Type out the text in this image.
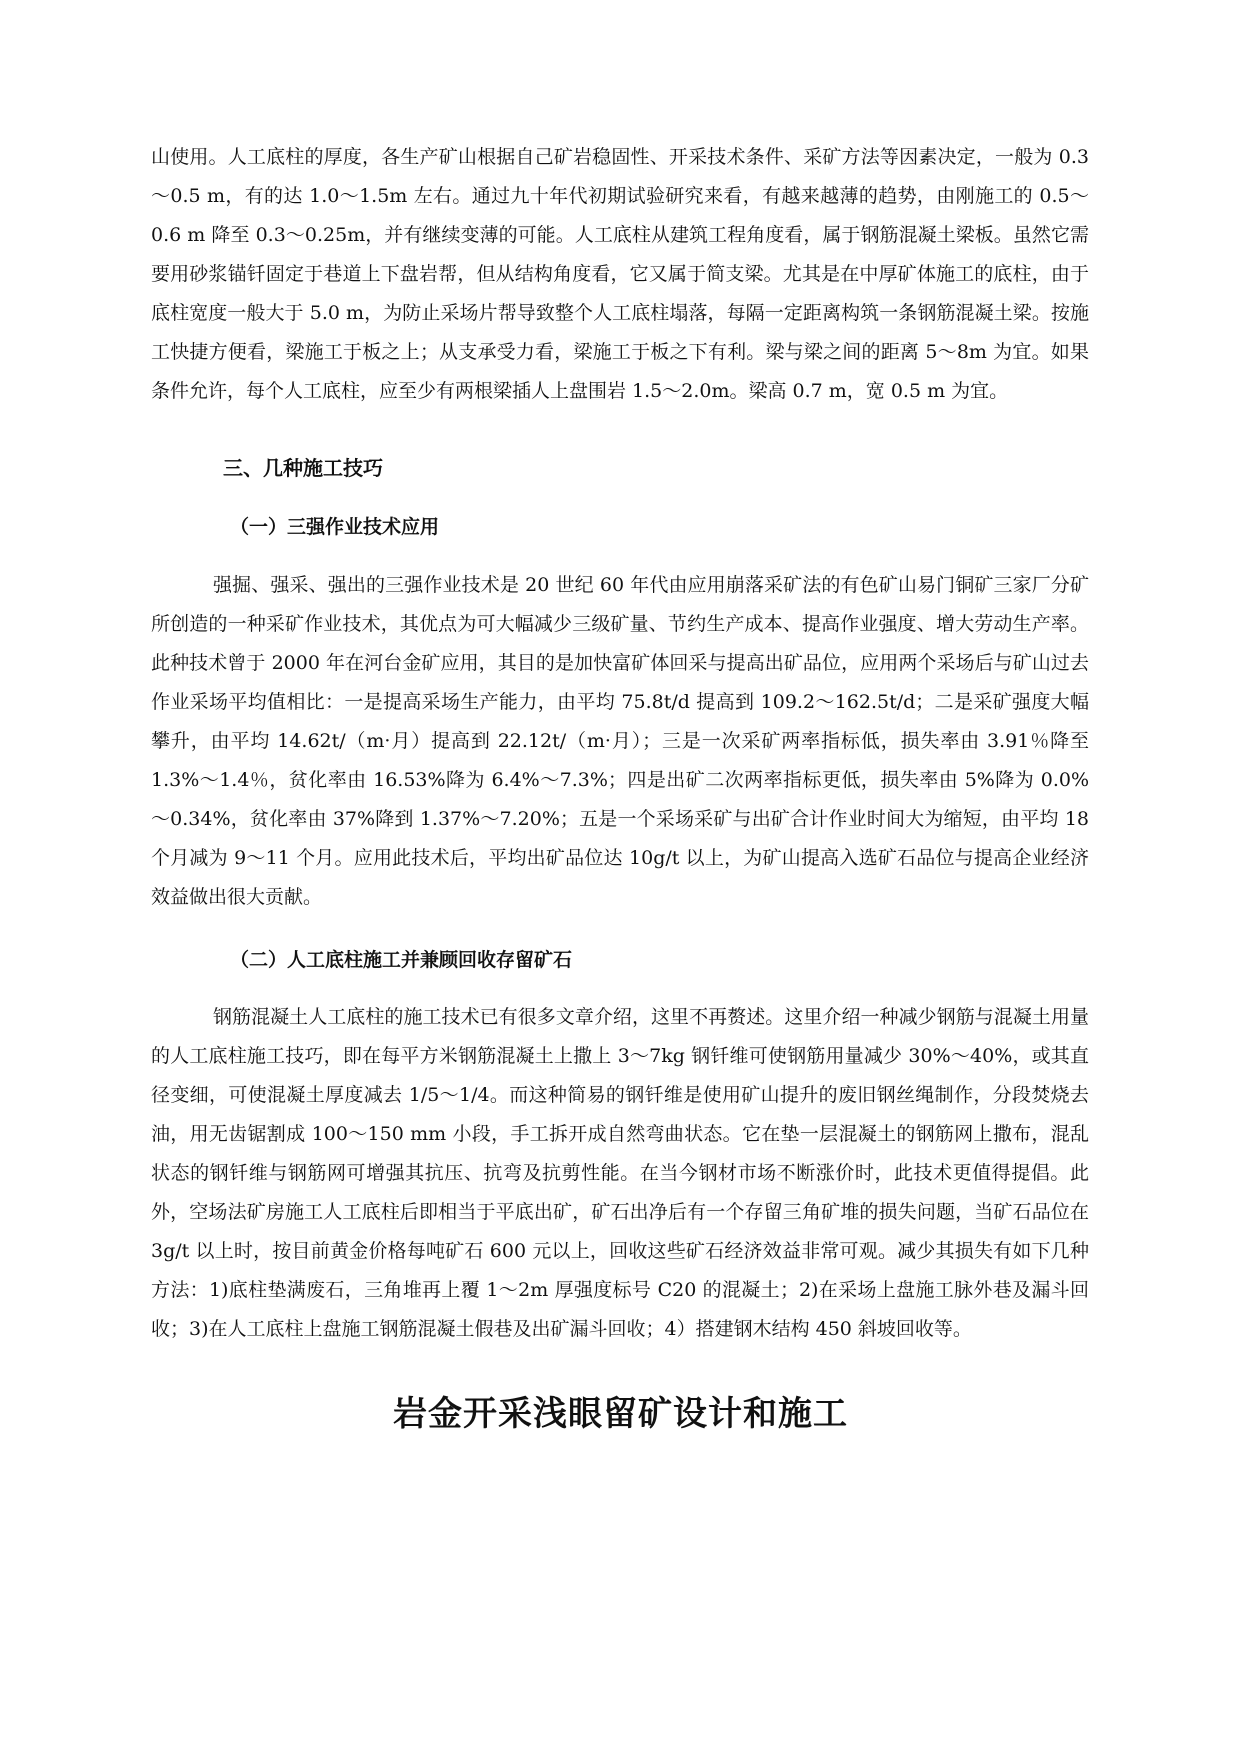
山使用。人工底柱的厚度，各生产矿山根据自己矿岩稳固性、开采技术条件、采矿方法等因素决定，一般为 0.3～0.5 m，有的达 1.0～1.5m 左右。通过九十年代初期试验研究来看，有越来越薄的趋势，由刚施工的 0.5～0.6 m 降至 0.3～0.25m，并有继续变薄的可能。人工底柱从建筑工程角度看，属于钢筋混凝土梁板。虽然它需要用砂浆锚钎固定于巷道上下盘岩帮，但从结构角度看，它又属于简支梁。尤其是在中厚矿体施工的底柱，由于底柱宽度一般大于 5.0 m，为防止采场片帮导致整个人工底柱塌落，每隔一定距离构筑一条钢筋混凝土梁。按施工快捷方便看，梁施工于板之上；从支承受力看，梁施工于板之下有利。梁与梁之间的距离 5～8m 为宜。如果条件允许，每个人工底柱，应至少有两根梁插人上盘围岩 1.5～2.0m。梁高 0.7 m，宽 0.5 m 为宜。

三、几种施工技巧
（一）三强作业技术应用

强掘、强采、强出的三强作业技术是 20 世纪 60 年代由应用崩落采矿法的有色矿山易门铜矿三家厂分矿所创造的一种采矿作业技术，其优点为可大幅减少三级矿量、节约生产成本、提高作业强度、增大劳动生产率。此种技术曾于 2000 年在河台金矿应用，其目的是加快富矿体回采与提高出矿品位，应用两个采场后与矿山过去作业采场平均值相比：一是提高采场生产能力，由平均 75.8t/d 提高到 109.2～162.5t/d；二是采矿强度大幅攀升，由平均 14.62t/（m·月）提高到 22.12t/（m·月）；三是一次采矿两率指标低，损失率由 3.91％降至 1.3%～1.4％，贫化率由 16.53%降为 6.4%～7.3%；四是出矿二次两率指标更低，损失率由 5%降为 0.0%～0.34%，贫化率由 37%降到 1.37%～7.20%；五是一个采场采矿与出矿合计作业时间大为缩短，由平均 18 个月减为 9～11 个月。应用此技术后，平均出矿品位达 10g/t 以上，为矿山提高入选矿石品位与提高企业经济效益做出很大贡献。

（二）人工底柱施工并兼顾回收存留矿石

钢筋混凝土人工底柱的施工技术已有很多文章介绍，这里不再赘述。这里介绍一种减少钢筋与混凝土用量的人工底柱施工技巧，即在每平方米钢筋混凝土上撒上 3～7kg 钢钎维可使钢筋用量减少 30%～40%，或其直径变细，可使混凝土厚度减去 1/5～1/4。而这种简易的钢钎维是使用矿山提升的废旧钢丝绳制作，分段焚烧去油，用无齿锯割成 100～150 mm 小段，手工拆开成自然弯曲状态。它在垫一层混凝土的钢筋网上撒布，混乱状态的钢钎维与钢筋网可增强其抗压、抗弯及抗剪性能。在当今钢材市场不断涨价时，此技术更值得提倡。此外，空场法矿房施工人工底柱后即相当于平底出矿，矿石出净后有一个存留三角矿堆的损失问题，当矿石品位在 3g/t 以上时，按目前黄金价格每吨矿石 600 元以上，回收这些矿石经济效益非常可观。减少其损失有如下几种方法：1)底柱垫满废石，三角堆再上覆 1～2m 厚强度标号 C20 的混凝土；2)在采场上盘施工脉外巷及漏斗回收；3)在人工底柱上盘施工钢筋混凝土假巷及出矿漏斗回收；4）搭建钢木结构 450 斜坡回收等。

岩金开采浅眼留矿设计和施工
